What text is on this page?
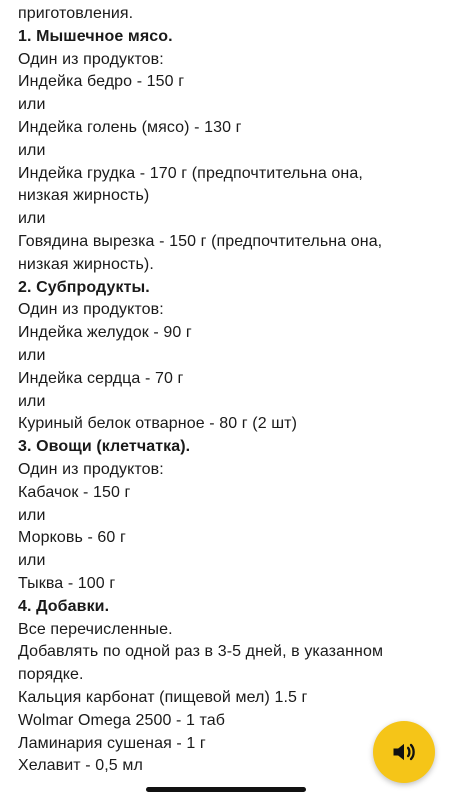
приготовления.
1. Мышечное мясо.
Один из продуктов:
Индейка бедро - 150 г
или
Индейка голень (мясо) - 130 г
или
Индейка грудка - 170 г (предпочтительна она,
низкая жирность)
или
Говядина вырезка - 150 г (предпочтительна она,
низкая жирность).
2. Субпродукты.
Один из продуктов:
Индейка желудок - 90 г
или
Индейка сердца - 70 г
или
Куриный белок отварное - 80 г (2 шт)
3. Овощи (клетчатка).
Один из продуктов:
Кабачок - 150 г
или
Морковь - 60 г
или
Тыква - 100 г
4. Добавки.
Все перечисленные.
Добавлять по одной раз в 3-5 дней, в указанном
порядке.
Кальция карбонат (пищевой мел) 1.5 г
Wolmar Omega 2500 - 1 таб
Ламинария сушеная - 1 г
Хелавит - 0,5 мл
